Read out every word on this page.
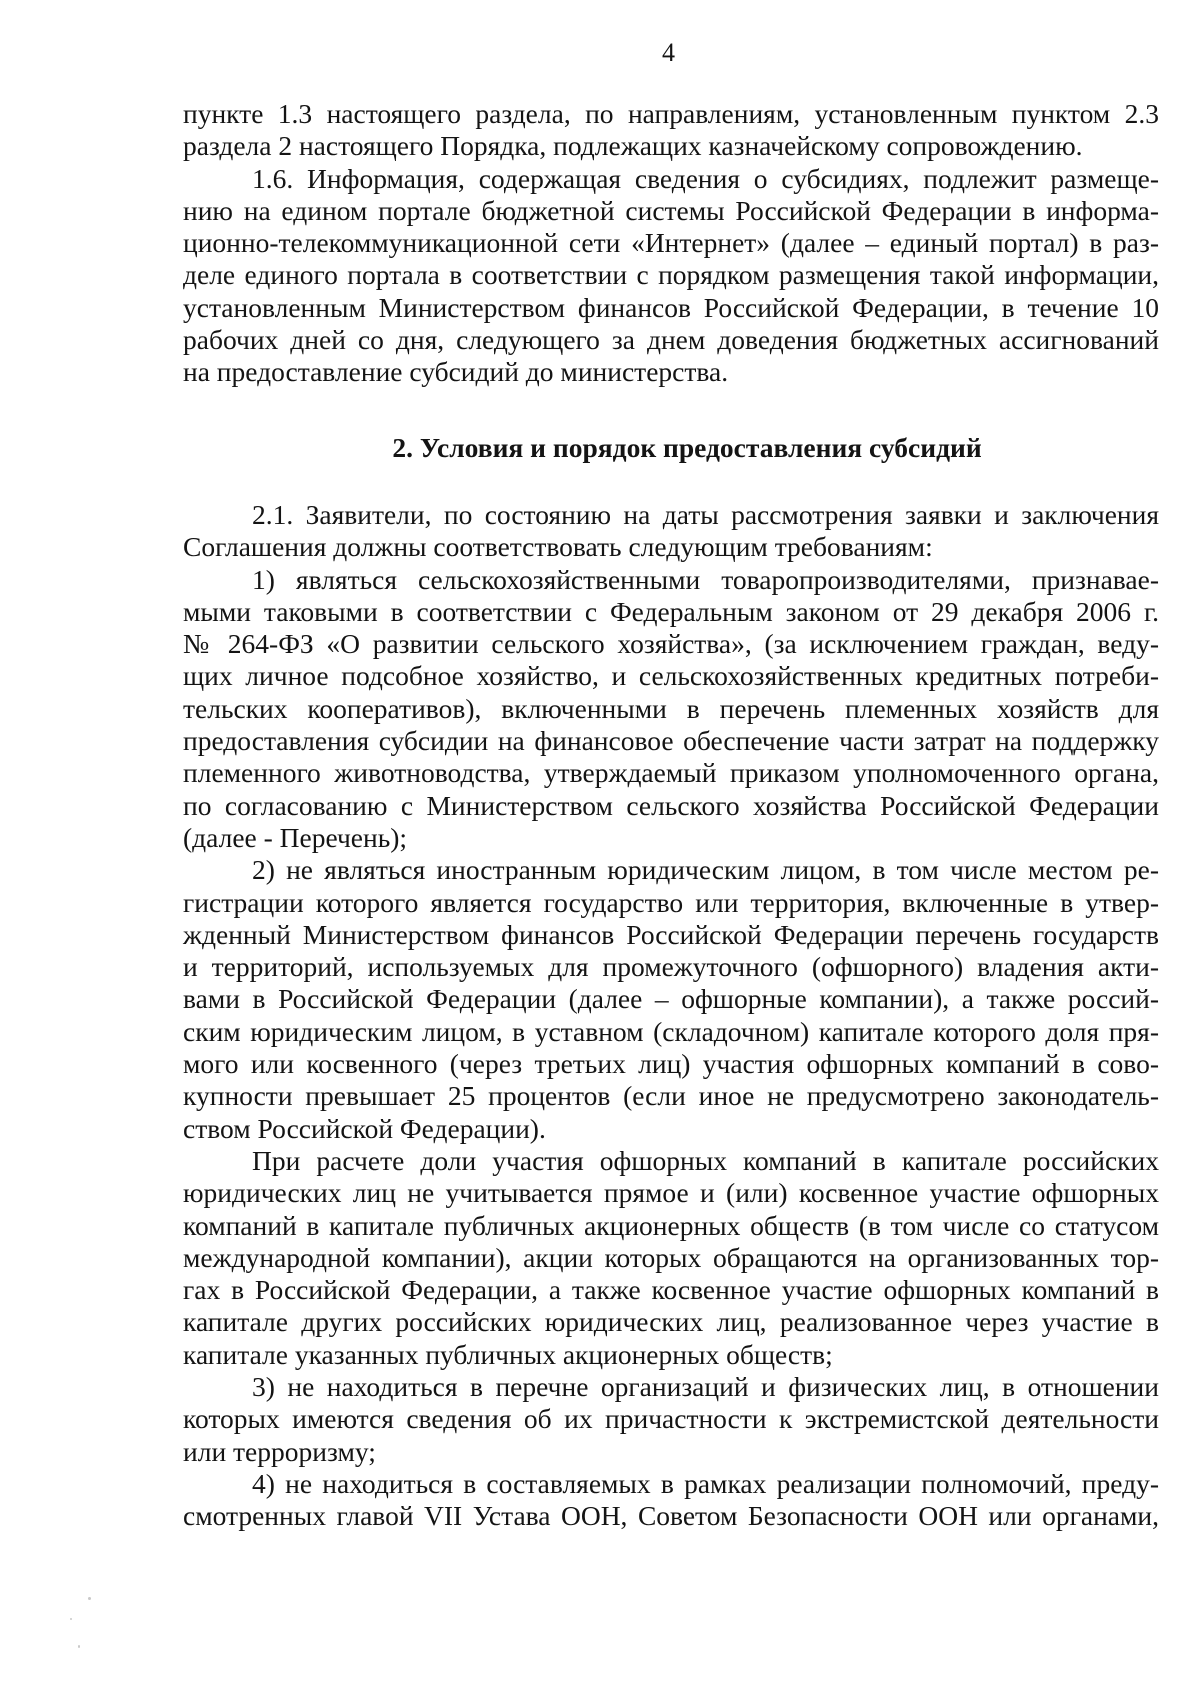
4
пункте 1.3 настоящего раздела, по направлениям, установленным пунктом 2.3
раздела 2 настоящего Порядка, подлежащих казначейскому сопровождению.
1.6. Информация, содержащая сведения о субсидиях, подлежит размеще-
нию на едином портале бюджетной системы Российской Федерации в информа-
ционно-телекоммуникационной сети «Интернет» (далее – единый портал) в раз-
деле единого портала в соответствии с порядком размещения такой информации,
установленным Министерством финансов Российской Федерации, в течение 10
рабочих дней со дня, следующего за днем доведения бюджетных ассигнований
на предоставление субсидий до министерства.
2. Условия и порядок предоставления субсидий
2.1. Заявители, по состоянию на даты рассмотрения заявки и заключения
Соглашения должны соответствовать следующим требованиям:
1) являться сельскохозяйственными товаропроизводителями, признавае-
мыми таковыми в соответствии с Федеральным законом от 29 декабря 2006 г.
№ 264-ФЗ «О развитии сельского хозяйства», (за исключением граждан, веду-
щих личное подсобное хозяйство, и сельскохозяйственных кредитных потреби-
тельских кооперативов), включенными в перечень племенных хозяйств для
предоставления субсидии на финансовое обеспечение части затрат на поддержку
племенного животноводства, утверждаемый приказом уполномоченного органа,
по согласованию с Министерством сельского хозяйства Российской Федерации
(далее - Перечень);
2) не являться иностранным юридическим лицом, в том числе местом ре-
гистрации которого является государство или территория, включенные в утвер-
жденный Министерством финансов Российской Федерации перечень государств
и территорий, используемых для промежуточного (офшорного) владения акти-
вами в Российской Федерации (далее – офшорные компании), а также россий-
ским юридическим лицом, в уставном (складочном) капитале которого доля пря-
мого или косвенного (через третьих лиц) участия офшорных компаний в сово-
купности превышает 25 процентов (если иное не предусмотрено законодатель-
ством Российской Федерации).
При расчете доли участия офшорных компаний в капитале российских
юридических лиц не учитывается прямое и (или) косвенное участие офшорных
компаний в капитале публичных акционерных обществ (в том числе со статусом
международной компании), акции которых обращаются на организованных тор-
гах в Российской Федерации, а также косвенное участие офшорных компаний в
капитале других российских юридических лиц, реализованное через участие в
капитале указанных публичных акционерных обществ;
3) не находиться в перечне организаций и физических лиц, в отношении
которых имеются сведения об их причастности к экстремистской деятельности
или терроризму;
4) не находиться в составляемых в рамках реализации полномочий, преду-
смотренных главой VII Устава ООН, Советом Безопасности ООН или органами,
